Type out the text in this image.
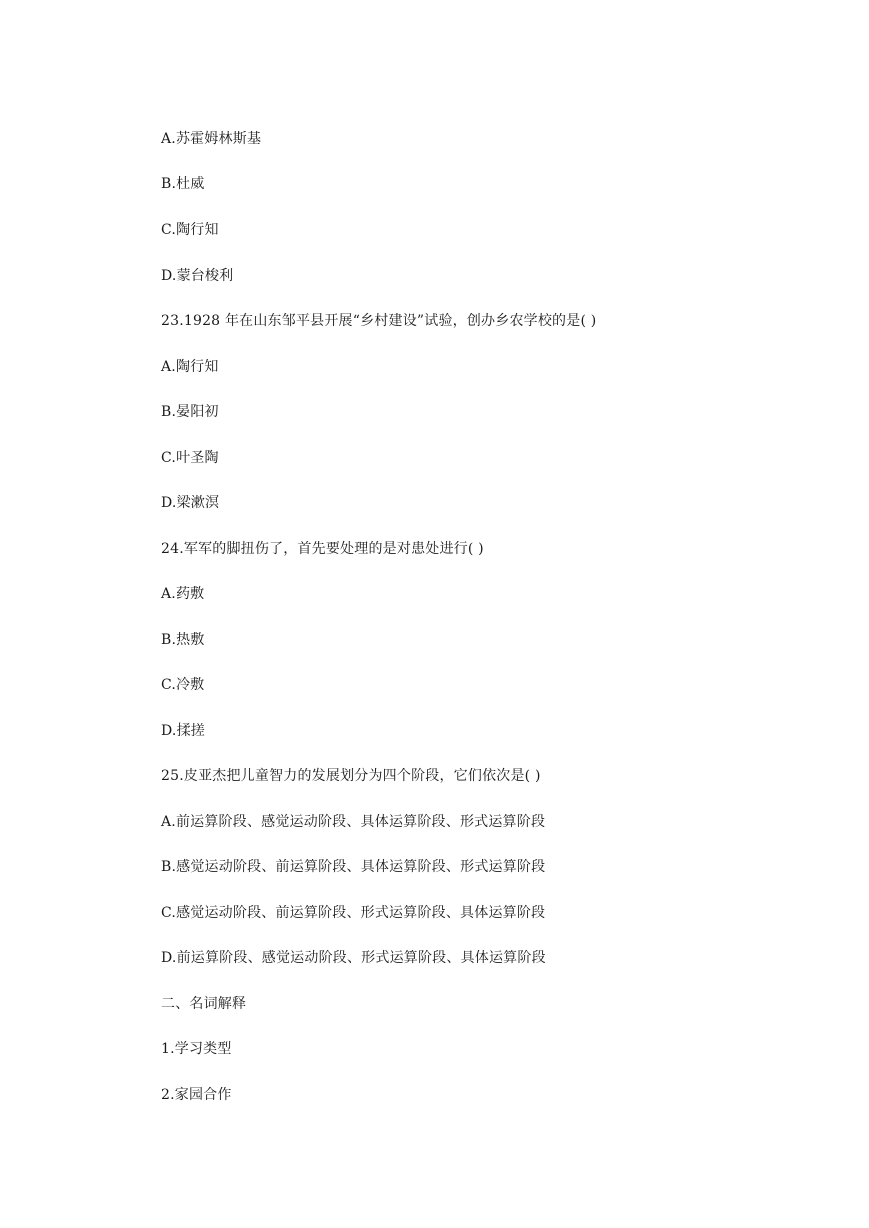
A.苏霍姆林斯基
B.杜威
C.陶行知
D.蒙台梭利
23.1928 年在山东邹平县开展“乡村建设”试验，创办乡农学校的是( )
A.陶行知
B.晏阳初
C.叶圣陶
D.梁漱溟
24.军军的脚扭伤了，首先要处理的是对患处进行( )
A.药敷
B.热敷
C.冷敷
D.揉搓
25.皮亚杰把儿童智力的发展划分为四个阶段，它们依次是( )
A.前运算阶段、感觉运动阶段、具体运算阶段、形式运算阶段
B.感觉运动阶段、前运算阶段、具体运算阶段、形式运算阶段
C.感觉运动阶段、前运算阶段、形式运算阶段、具体运算阶段
D.前运算阶段、感觉运动阶段、形式运算阶段、具体运算阶段
二、名词解释
1.学习类型
2.家园合作
